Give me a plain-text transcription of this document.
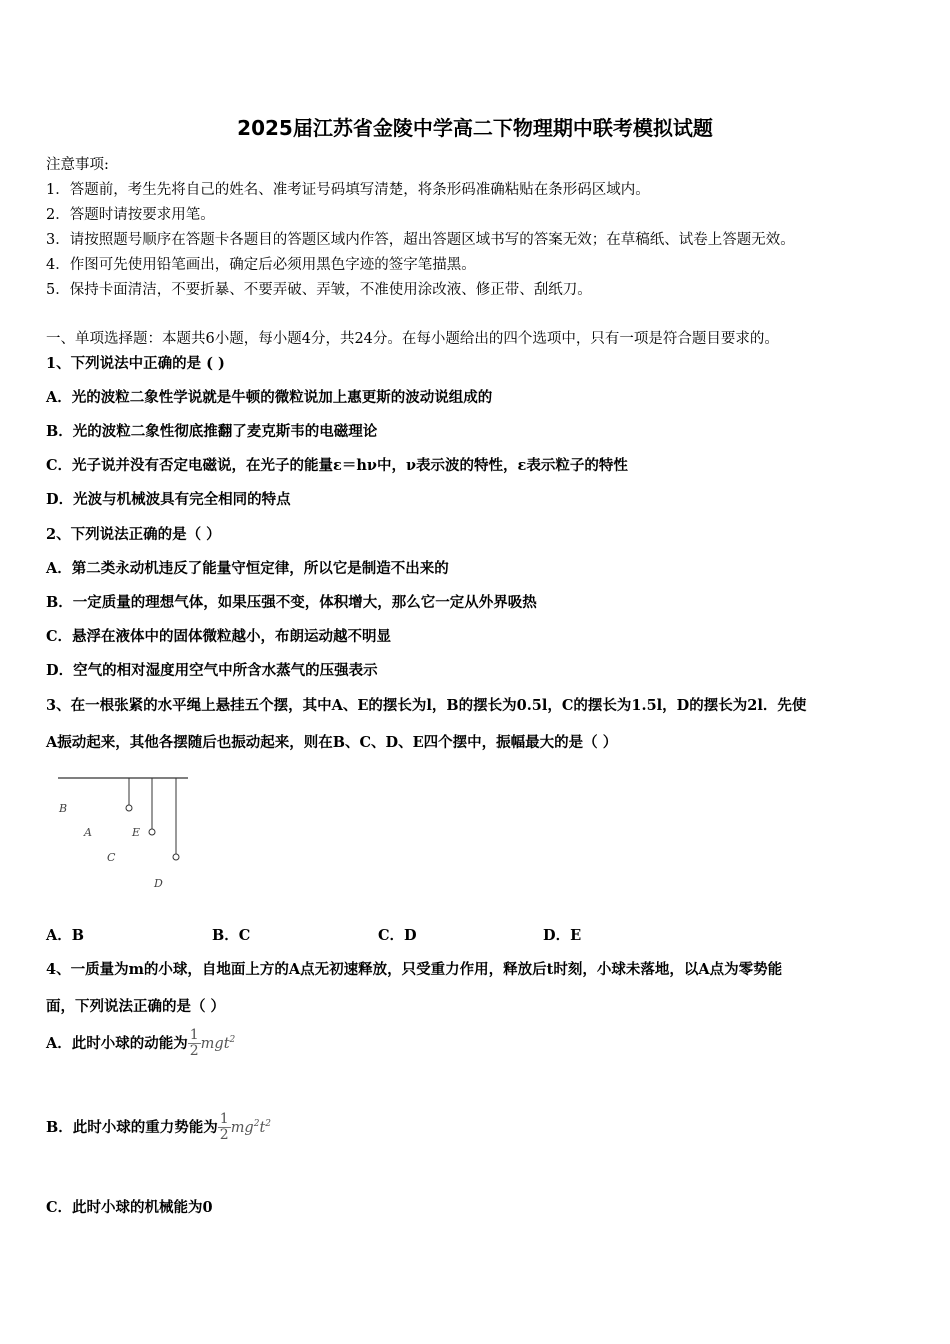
2025届江苏省金陵中学高二下物理期中联考模拟试题
注意事项:
1．答题前，考生先将自己的姓名、准考证号码填写清楚，将条形码准确粘贴在条形码区域内。
2．答题时请按要求用笔。
3．请按照题号顺序在答题卡各题目的答题区域内作答，超出答题区域书写的答案无效；在草稿纸、试卷上答题无效。
4．作图可先使用铅笔画出，确定后必须用黑色字迹的签字笔描黑。
5．保持卡面清洁，不要折暴、不要弄破、弄皱，不准使用涂改液、修正带、刮纸刀。
一、单项选择题：本题共6小题，每小题4分，共24分。在每小题给出的四个选项中，只有一项是符合题目要求的。
1、下列说法中正确的是 ( )
A．光的波粒二象性学说就是牛顿的微粒说加上惠更斯的波动说组成的
B．光的波粒二象性彻底推翻了麦克斯韦的电磁理论
C．光子说并没有否定电磁说，在光子的能量ε＝hν中，ν表示波的特性，ε表示粒子的特性
D．光波与机械波具有完全相同的特点
2、下列说法正确的是（ ）
A．第二类永动机违反了能量守恒定律，所以它是制造不出来的
B．一定质量的理想气体，如果压强不变，体积增大，那么它一定从外界吸热
C．悬浮在液体中的固体微粒越小，布朗运动越不明显
D．空气的相对湿度用空气中所含水蒸气的压强表示
3、在一根张紧的水平绳上悬挂五个摆，其中A、E的摆长为l，B的摆长为0.5l，C的摆长为1.5l，D的摆长为2l．先使
A振动起来，其他各摆随后也振动起来，则在B、C、D、E四个摆中，振幅最大的是（ ）
B
A	E
C
D
A．B	B．C	C．D	D．E
4、一质量为m的小球，自地面上方的A点无初速释放，只受重力作用，释放后t时刻，小球未落地，以A点为零势能
面，下列说法正确的是（ ）
A．此时小球的动能为 $\frac{1}{2} mgt^2$
B．此时小球的重力势能为 $\frac{1}{2} mg^2t^2$
C．此时小球的机械能为0
